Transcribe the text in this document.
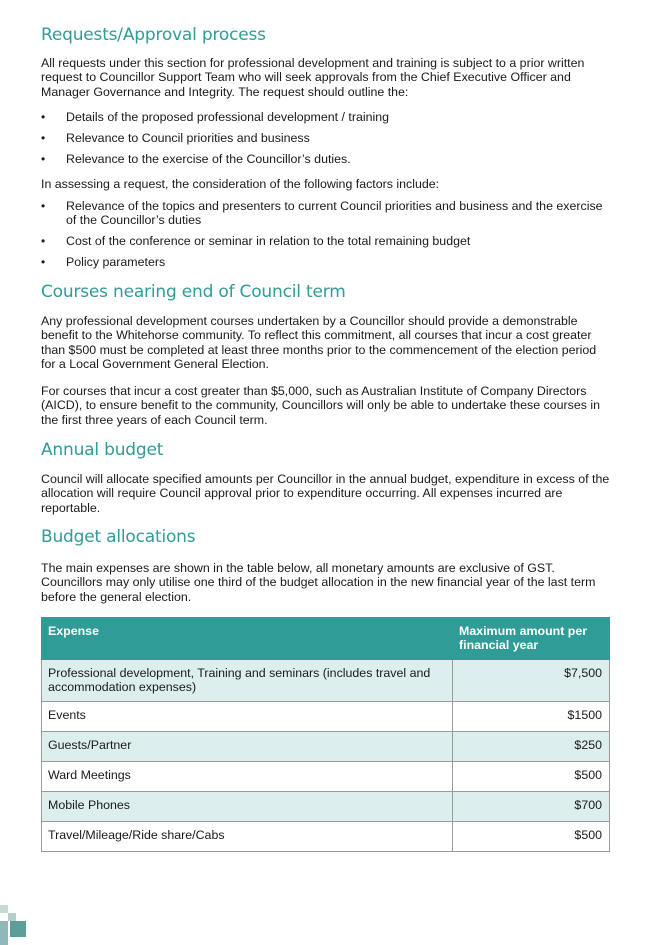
Requests/Approval process

All requests under this section for professional development and training is subject to a prior written request to Councillor Support Team who will seek approvals from the Chief Executive Officer and Manager Governance and Integrity. The request should outline the:

• Details of the proposed professional development / training
• Relevance to Council priorities and business
• Relevance to the exercise of the Councillor’s duties.

In assessing a request, the consideration of the following factors include:

• Relevance of the topics and presenters to current Council priorities and business and the exercise of the Councillor’s duties
• Cost of the conference or seminar in relation to the total remaining budget
• Policy parameters
Courses nearing end of Council term

Any professional development courses undertaken by a Councillor should provide a demonstrable benefit to the Whitehorse community. To reflect this commitment, all courses that incur a cost greater than $500 must be completed at least three months prior to the commencement of the election period for a Local Government General Election.

For courses that incur a cost greater than $5,000, such as Australian Institute of Company Directors (AICD), to ensure benefit to the community, Councillors will only be able to undertake these courses in the first three years of each Council term.

Annual budget

Council will allocate specified amounts per Councillor in the annual budget, expenditure in excess of the allocation will require Council approval prior to expenditure occurring. All expenses incurred are reportable.

Budget allocations

The main expenses are shown in the table below, all monetary amounts are exclusive of GST. Councillors may only utilise one third of the budget allocation in the new financial year of the last term before the general election.

Expense	Maximum amount per financial year
Professional development, Training and seminars (includes travel and accommodation expenses)	$7,500
Events	$1500
Guests/Partner	$250
Ward Meetings	$500
Mobile Phones	$700
Travel/Mileage/Ride share/Cabs	$500
